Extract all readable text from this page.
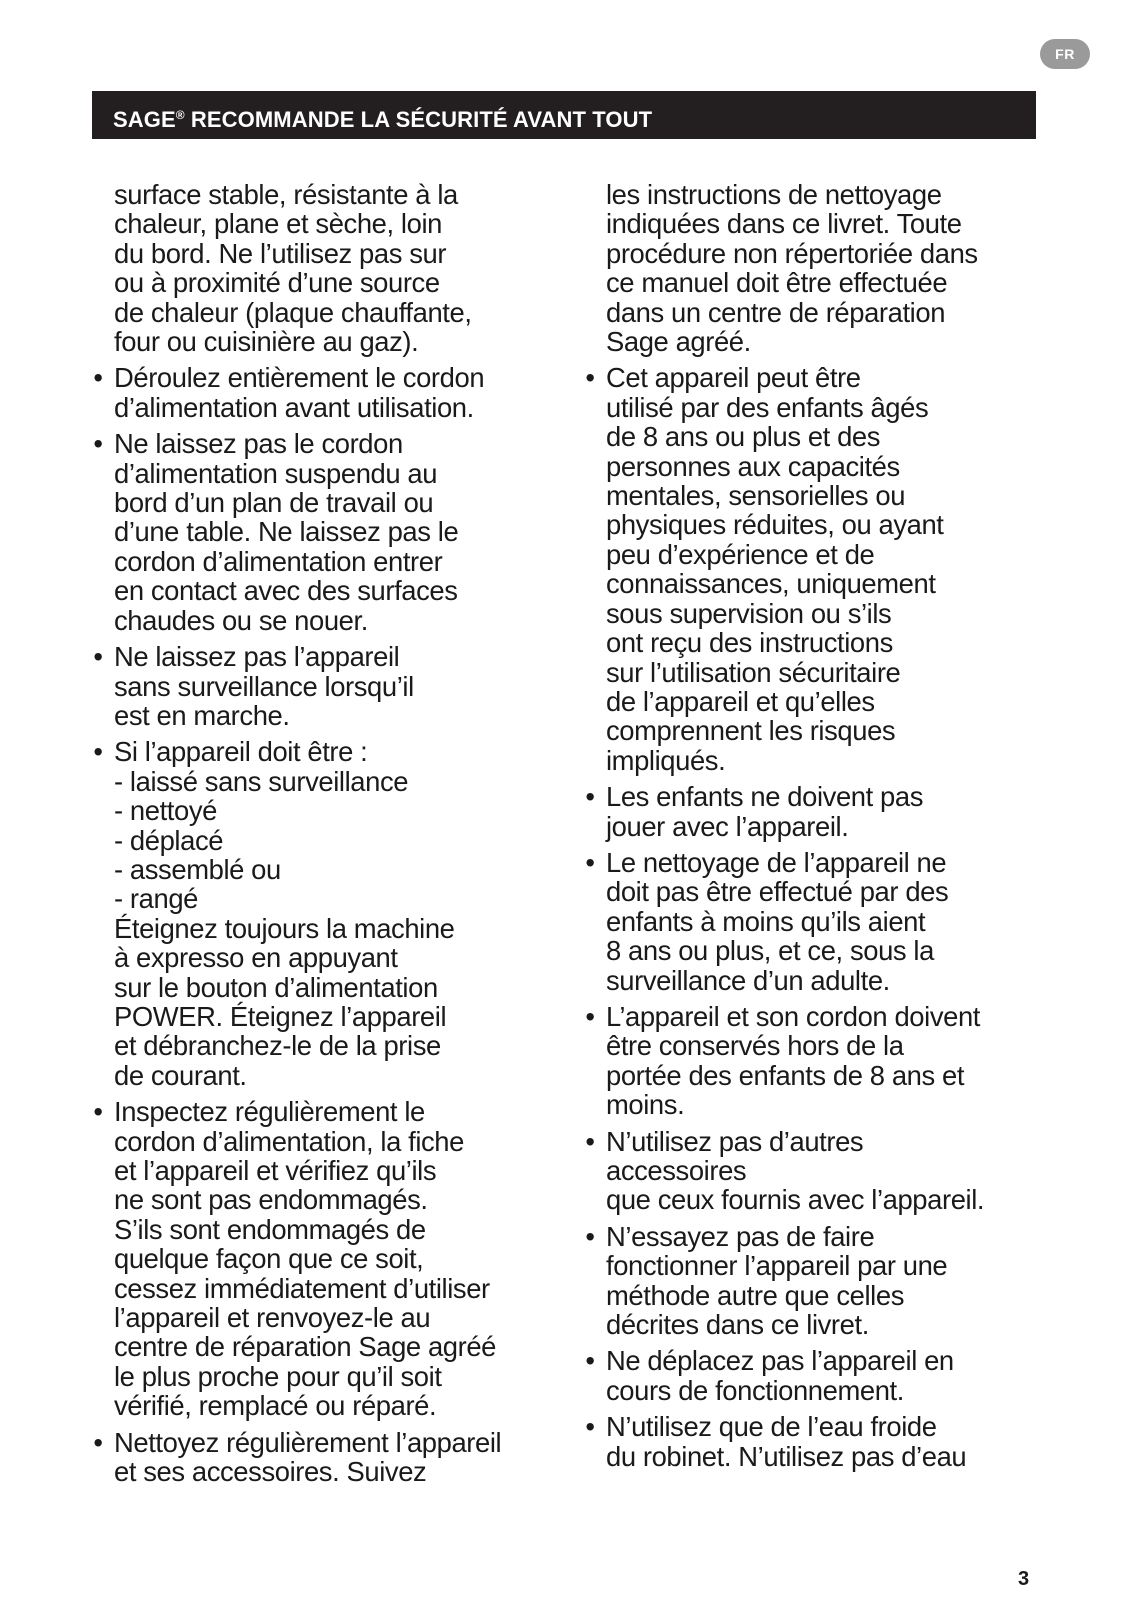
FR
SAGE® RECOMMANDE LA SÉCURITÉ AVANT TOUT
surface stable, résistante à la
chaleur, plane et sèche, loin
du bord. Ne l’utilisez pas sur
ou à proximité d’une source
de chaleur (plaque chauffante,
four ou cuisinière au gaz).
• Déroulez entièrement le cordon
d’alimentation avant utilisation.
• Ne laissez pas le cordon
d’alimentation suspendu au
bord d’un plan de travail ou
d’une table. Ne laissez pas le
cordon d’alimentation entrer
en contact avec des surfaces
chaudes ou se nouer.
• Ne laissez pas l’appareil
sans surveillance lorsqu’il
est en marche.
• Si l’appareil doit être :
- laissé sans surveillance
- nettoyé
- déplacé
- assemblé ou
- rangé
Éteignez toujours la machine
à expresso en appuyant
sur le bouton d’alimentation
POWER. Éteignez l’appareil
et débranchez-le de la prise
de courant.
• Inspectez régulièrement le
cordon d’alimentation, la fiche
et l’appareil et vérifiez qu’ils
ne sont pas endommagés.
S’ils sont endommagés de
quelque façon que ce soit,
cessez immédiatement d’utiliser
l’appareil et renvoyez-le au
centre de réparation Sage agréé
le plus proche pour qu’il soit
vérifié, remplacé ou réparé.
• Nettoyez régulièrement l’appareil
et ses accessoires. Suivez
les instructions de nettoyage
indiquées dans ce livret. Toute
procédure non répertoriée dans
ce manuel doit être effectuée
dans un centre de réparation
Sage agréé.
• Cet appareil peut être
utilisé par des enfants âgés
de 8 ans ou plus et des
personnes aux capacités
mentales, sensorielles ou
physiques réduites, ou ayant
peu d’expérience et de
connaissances, uniquement
sous supervision ou s’ils
ont reçu des instructions
sur l’utilisation sécuritaire
de l’appareil et qu’elles
comprennent les risques
impliqués.
• Les enfants ne doivent pas
jouer avec l’appareil.
• Le nettoyage de l’appareil ne
doit pas être effectué par des
enfants à moins qu’ils aient
8 ans ou plus, et ce, sous la
surveillance d’un adulte.
• L’appareil et son cordon doivent
être conservés hors de la
portée des enfants de 8 ans et
moins.
• N’utilisez pas d’autres
accessoires
que ceux fournis avec l’appareil.
• N’essayez pas de faire
fonctionner l’appareil par une
méthode autre que celles
décrites dans ce livret.
• Ne déplacez pas l’appareil en
cours de fonctionnement.
• N’utilisez que de l’eau froide
du robinet. N’utilisez pas d’eau
3
